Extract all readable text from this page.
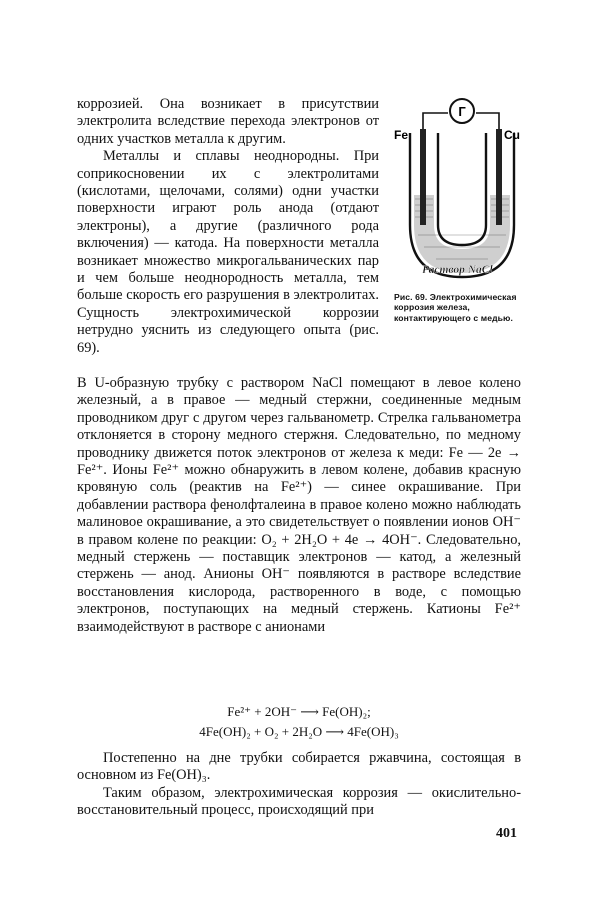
коррозией. Она возникает в присутствии электролита вследствие перехода электронов от одних участков металла к другим.

Металлы и сплавы неоднородны. При соприкосновении их с электролитами (кислотами, щелочами, солями) одни участки поверхности играют роль анода (отдают электроны), а другие (различного рода включения) — катода. На поверхности металла возникает множество микрогальванических пар и чем больше неоднородность металла, тем больше скорость его разрушения в электролитах. Сущность электрохимической коррозии нетрудно уяснить из следующего опыта (рис. 69).

Г
Fe	Cu
Раствор NaCl
Рис. 69. Электрохимическая коррозия железа, контактирующего с медью.

В U-образную трубку с раствором NaCl помещают в левое колено железный, а в правое — медный стержни, соединенные медным проводником друг с другом через гальванометр. Стрелка гальванометра отклоняется в сторону медного стержня. Следовательно, по медному проводнику движется поток электронов от железа к меди: Fe — 2e → Fe²⁺. Ионы Fe²⁺ можно обнаружить в левом колене, добавив красную кровяную соль (реактив на Fe²⁺) — синее окрашивание. При добавлении раствора фенолфталеина в правое колено можно наблюдать малиновое окрашивание, а это свидетельствует о появлении ионов OH⁻ в правом колене по реакции: O₂ + 2H₂O + 4e → 4OH⁻. Следовательно, медный стержень — поставщик электронов — катод, а железный стержень — анод. Анионы OH⁻ появляются в растворе вследствие восстановления кислорода, растворенного в воде, с помощью электронов, поступающих на медный стержень. Катионы Fe²⁺ взаимодействуют в растворе с анионами

Fe²⁺ + 2OH⁻ ⟶ Fe(OH)₂;
4Fe(OH)₂ + O₂ + 2H₂O ⟶ 4Fe(OH)₃

Постепенно на дне трубки собирается ржавчина, состоящая в основном из Fe(OH)₃.

Таким образом, электрохимическая коррозия — окислительно-восстановительный процесс, происходящий при

401
